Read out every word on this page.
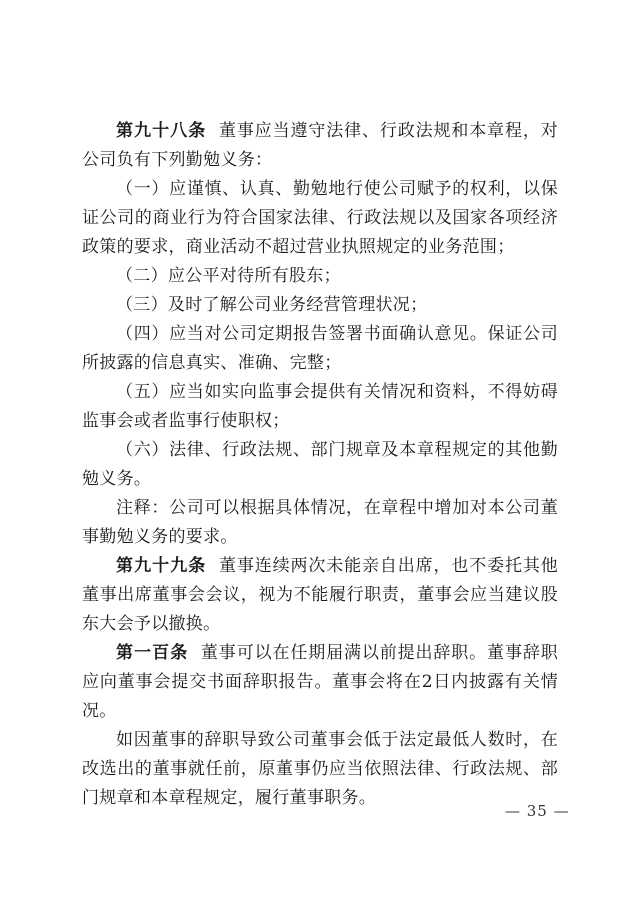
第九十八条 董事应当遵守法律、行政法规和本章程，对公司负有下列勤勉义务：

（一）应谨慎、认真、勤勉地行使公司赋予的权利，以保证公司的商业行为符合国家法律、行政法规以及国家各项经济政策的要求，商业活动不超过营业执照规定的业务范围；

（二）应公平对待所有股东；

（三）及时了解公司业务经营管理状况；

（四）应当对公司定期报告签署书面确认意见。保证公司所披露的信息真实、准确、完整；

（五）应当如实向监事会提供有关情况和资料，不得妨碍监事会或者监事行使职权；

（六）法律、行政法规、部门规章及本章程规定的其他勤勉义务。

注释：公司可以根据具体情况，在章程中增加对本公司董事勤勉义务的要求。

第九十九条 董事连续两次未能亲自出席，也不委托其他董事出席董事会会议，视为不能履行职责，董事会应当建议股东大会予以撤换。

第一百条 董事可以在任期届满以前提出辞职。董事辞职应向董事会提交书面辞职报告。董事会将在2日内披露有关情况。

如因董事的辞职导致公司董事会低于法定最低人数时，在改选出的董事就任前，原董事仍应当依照法律、行政法规、部门规章和本章程规定，履行董事职务。

— 35 —
